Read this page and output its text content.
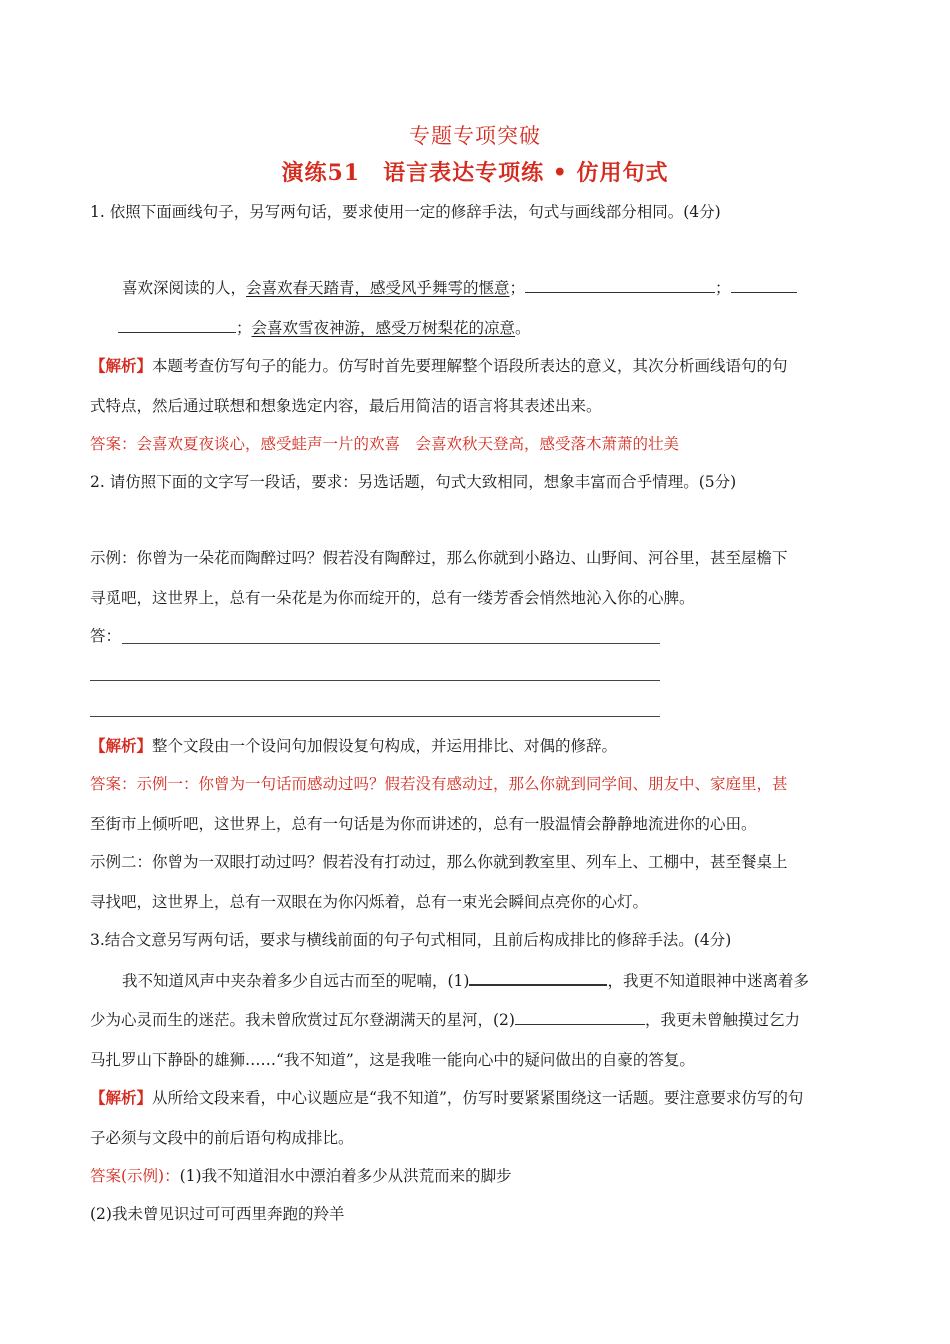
专题专项突破
演练51　语言表达专项练 • 仿用句式
1. 依照下面画线句子，另写两句话，要求使用一定的修辞手法，句式与画线部分相同。(4分)
喜欢深阅读的人，会喜欢春天踏青，感受风乎舞雩的惬意；	；
；会喜欢雪夜神游，感受万树梨花的凉意。
【解析】本题考查仿写句子的能力。仿写时首先要理解整个语段所表达的意义，其次分析画线语句的句
式特点，然后通过联想和想象选定内容，最后用简洁的语言将其表述出来。
答案：会喜欢夏夜谈心，感受蛙声一片的欢喜　会喜欢秋天登高，感受落木萧萧的壮美
2. 请仿照下面的文字写一段话，要求：另选话题，句式大致相同，想象丰富而合乎情理。(5分)
示例：你曾为一朵花而陶醉过吗？假若没有陶醉过，那么你就到小路边、山野间、河谷里，甚至屋檐下
寻觅吧，这世界上，总有一朵花是为你而绽开的，总有一缕芳香会悄然地沁入你的心脾。
答：
【解析】整个文段由一个设问句加假设复句构成，并运用排比、对偶的修辞。
答案：示例一：你曾为一句话而感动过吗？假若没有感动过，那么你就到同学间、朋友中、家庭里，甚
至街市上倾听吧，这世界上，总有一句话是为你而讲述的，总有一股温情会静静地流进你的心田。
示例二：你曾为一双眼打动过吗？假若没有打动过，那么你就到教室里、列车上、工棚中，甚至餐桌上
寻找吧，这世界上，总有一双眼在为你闪烁着，总有一束光会瞬间点亮你的心灯。
3.结合文意另写两句话，要求与横线前面的句子句式相同，且前后构成排比的修辞手法。(4分)
我不知道风声中夹杂着多少自远古而至的呢喃，(1)	，我更不知道眼神中迷离着多
少为心灵而生的迷茫。我未曾欣赏过瓦尔登湖满天的星河，(2)	，我更未曾触摸过乞力
马扎罗山下静卧的雄狮……“我不知道”，这是我唯一能向心中的疑问做出的自豪的答复。
【解析】从所给文段来看，中心议题应是“我不知道”，仿写时要紧紧围绕这一话题。要注意要求仿写的句
子必须与文段中的前后语句构成排比。
答案(示例)：(1)我不知道泪水中漂泊着多少从洪荒而来的脚步
(2)我未曾见识过可可西里奔跑的羚羊
